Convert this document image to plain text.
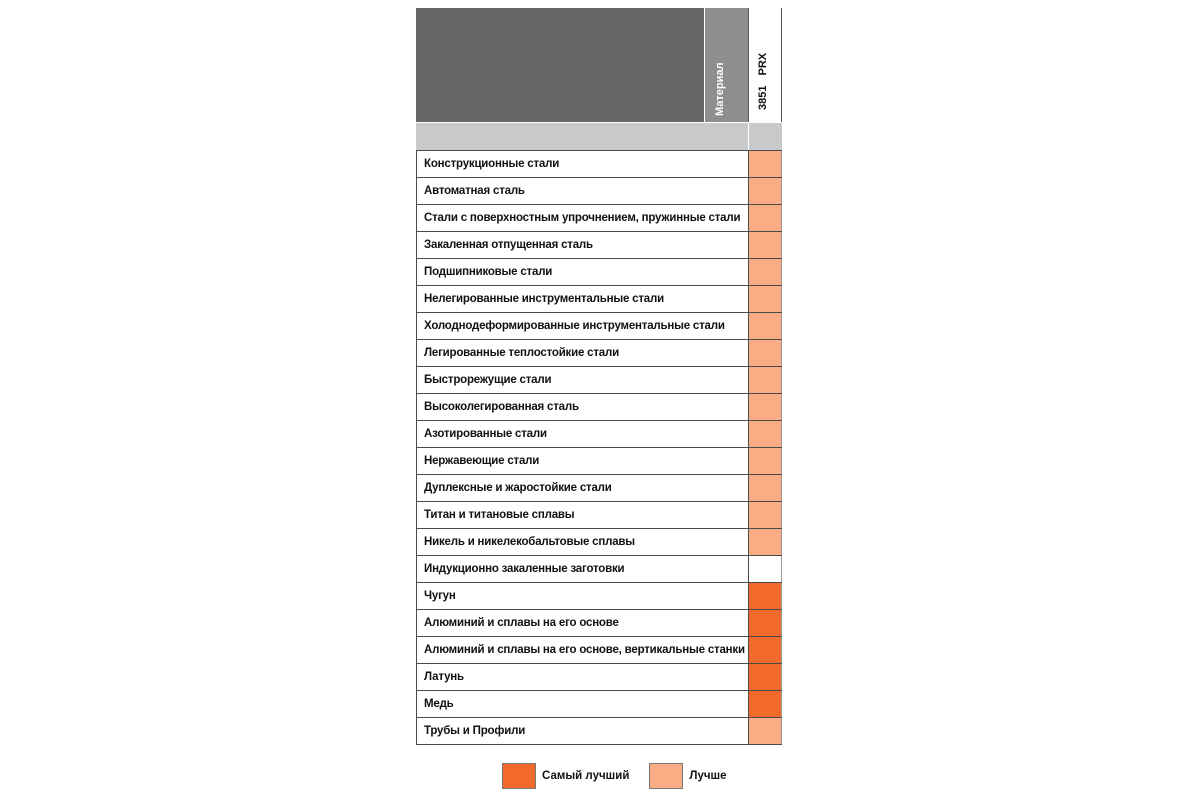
Материал	3851PRX
Конструкционные стали
Автоматная сталь
Стали с поверхностным упрочнением, пружинные стали
Закаленная отпущенная сталь
Подшипниковые стали
Нелегированные инструментальные стали
Холоднодеформированные инструментальные стали
Легированные теплостойкие стали
Быстрорежущие стали
Высоколегированная сталь
Азотированные стали
Нержавеющие стали
Дуплексные и жаростойкие стали
Титан и титановые сплавы
Никель и никелекобальтовые сплавы
Индукционно закаленные заготовки
Чугун
Алюминий и сплавы на его основе
Алюминий и сплавы на его основе, вертикальные станки
Латунь
Медь
Трубы и Профили
Самый лучший	Лучше
